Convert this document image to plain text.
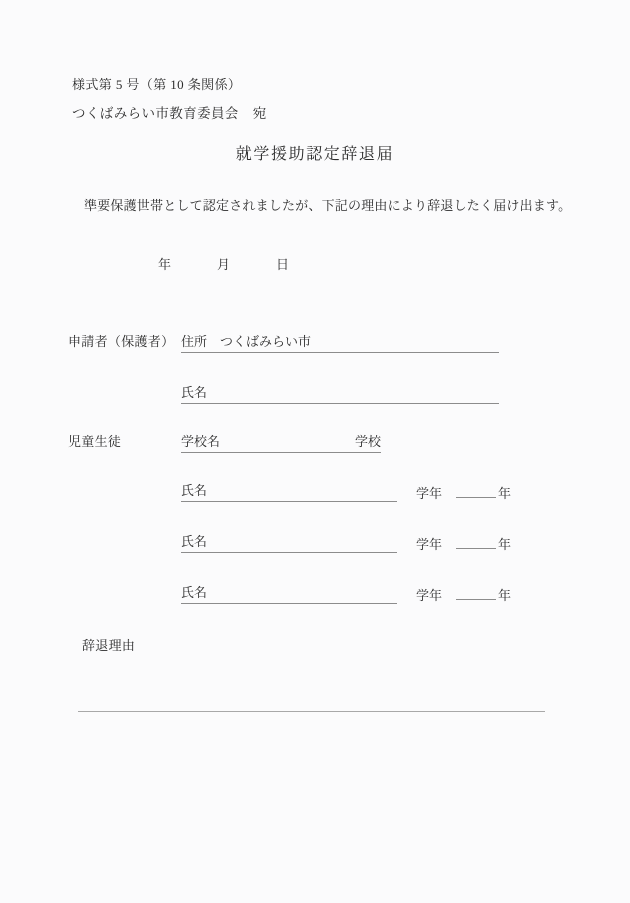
様式第 5 号（第 10 条関係）
つくばみらい市教育委員会　宛
就学援助認定辞退届
準要保護世帯として認定されましたが、下記の理由により辞退したく届け出ます。
年	月	日
申請者（保護者） 住所　つくばみらい市
氏名
児童生徒	学校名	学校
氏名	学年	年
氏名	学年	年
氏名	学年	年
辞退理由
